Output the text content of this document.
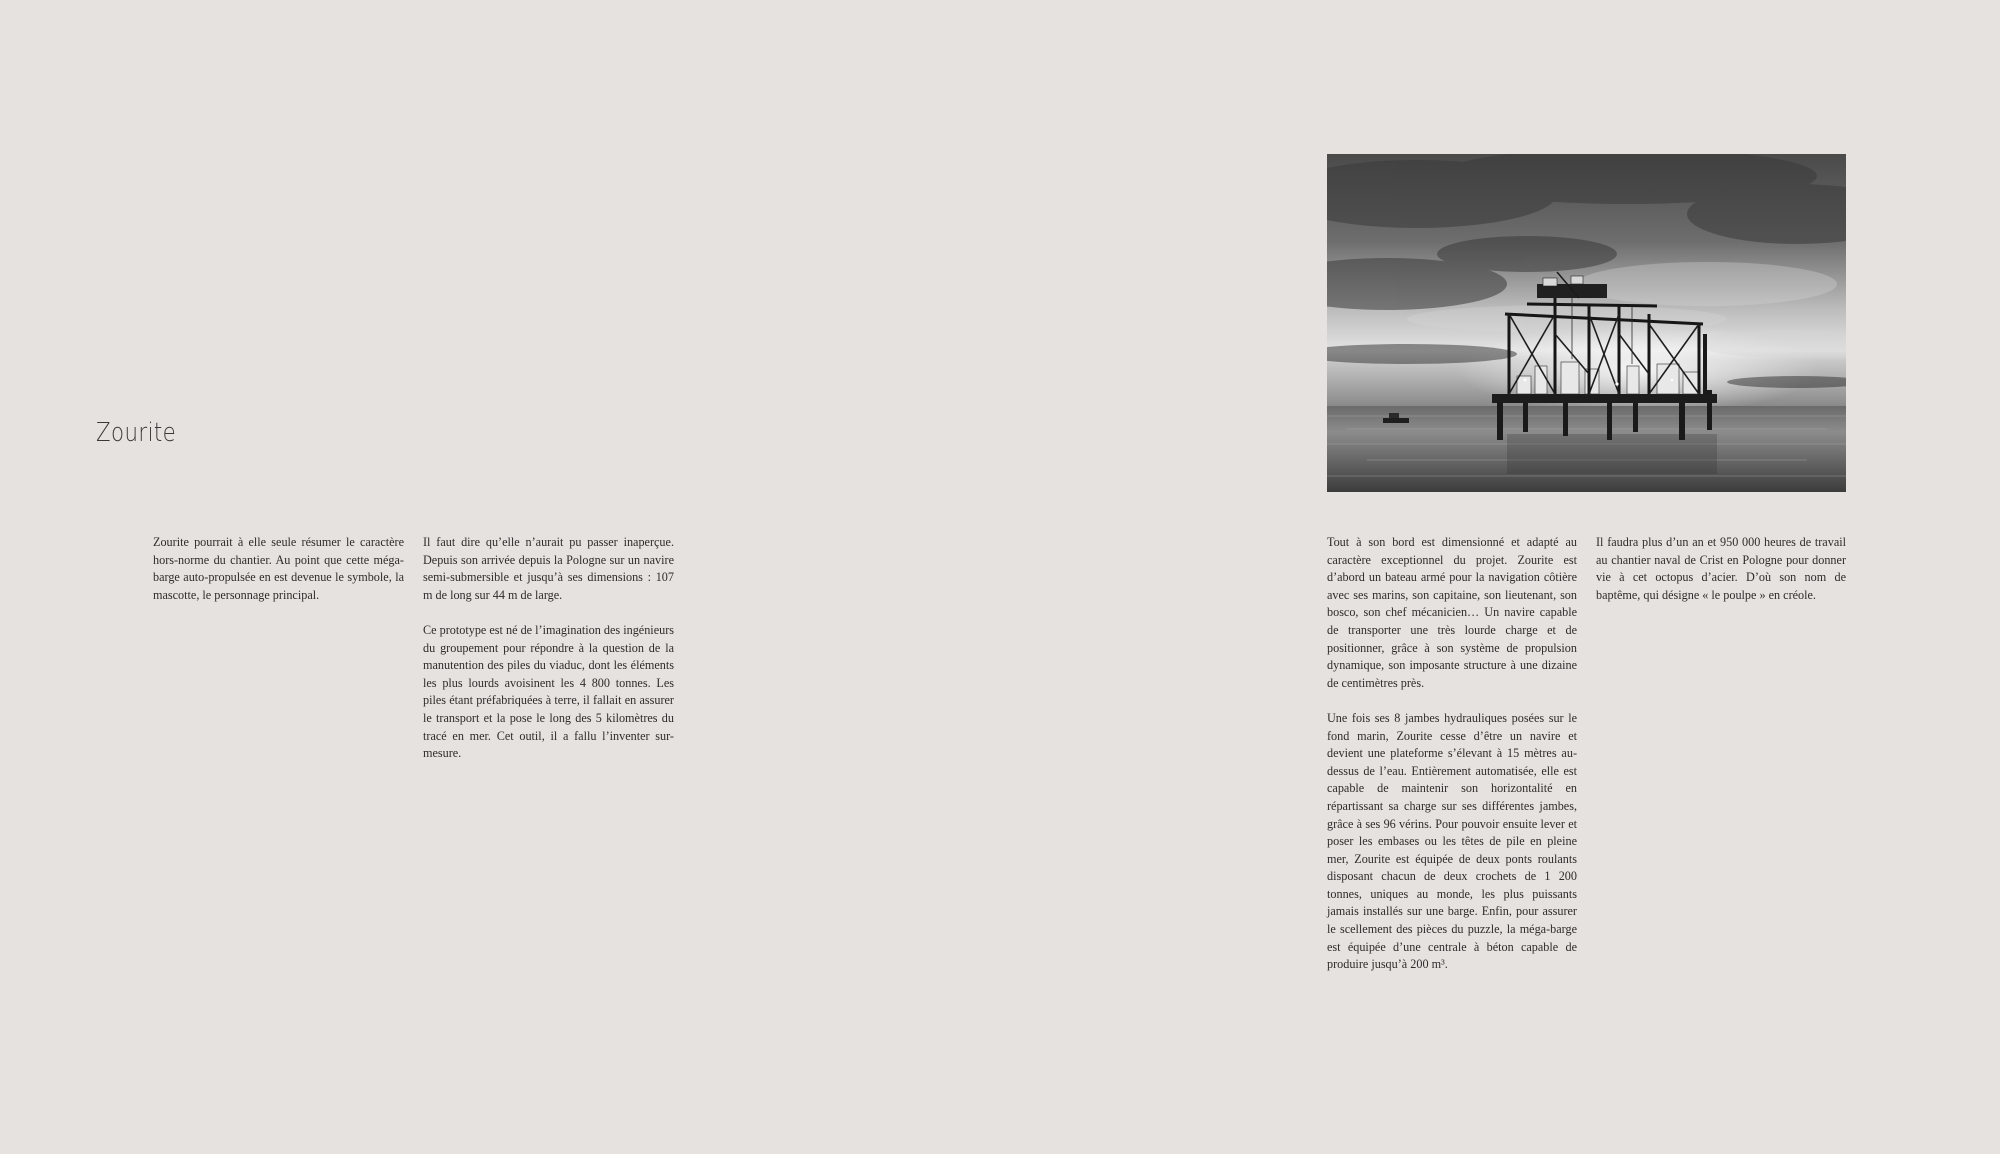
Zourite

Zourite pourrait à elle seule résumer le caractère hors-norme du chantier. Au point que cette méga-barge auto-propulsée en est devenue le symbole, la mascotte, le personnage principal.

Il faut dire qu’elle n’aurait pu passer inaperçue. Depuis son arrivée depuis la Pologne sur un navire semi-submersible et jusqu’à ses dimensions : 107 m de long sur 44 m de large.

Ce prototype est né de l’imagination des ingénieurs du groupement pour répondre à la question de la manutention des piles du viaduc, dont les éléments les plus lourds avoisinent les 4 800 tonnes. Les piles étant préfabriquées à terre, il fallait en assurer le transport et la pose le long des 5 kilomètres du tracé en mer. Cet outil, il a fallu l’inventer sur-mesure.

Tout à son bord est dimensionné et adapté au caractère exceptionnel du projet. Zourite est d’abord un bateau armé pour la navigation côtière avec ses marins, son capitaine, son lieutenant, son bosco, son chef mécanicien… Un navire capable de transporter une très lourde charge et de positionner, grâce à son système de propulsion dynamique, son imposante structure à une dizaine de centimètres près.

Une fois ses 8 jambes hydrauliques posées sur le fond marin, Zourite cesse d’être un navire et devient une plateforme s’élevant à 15 mètres au-dessus de l’eau. Entièrement automatisée, elle est capable de maintenir son horizontalité en répartissant sa charge sur ses différentes jambes, grâce à ses 96 vérins. Pour pouvoir ensuite lever et poser les embases ou les têtes de pile en pleine mer, Zourite est équipée de deux ponts roulants disposant chacun de deux crochets de 1 200 tonnes, uniques au monde, les plus puissants jamais installés sur une barge. Enfin, pour assurer le scellement des pièces du puzzle, la méga-barge est équipée d’une centrale à béton capable de produire jusqu’à 200 m³.

Il faudra plus d’un an et 950 000 heures de travail au chantier naval de Crist en Pologne pour donner vie à cet octopus d’acier. D’où son nom de baptême, qui désigne « le poulpe » en créole.
